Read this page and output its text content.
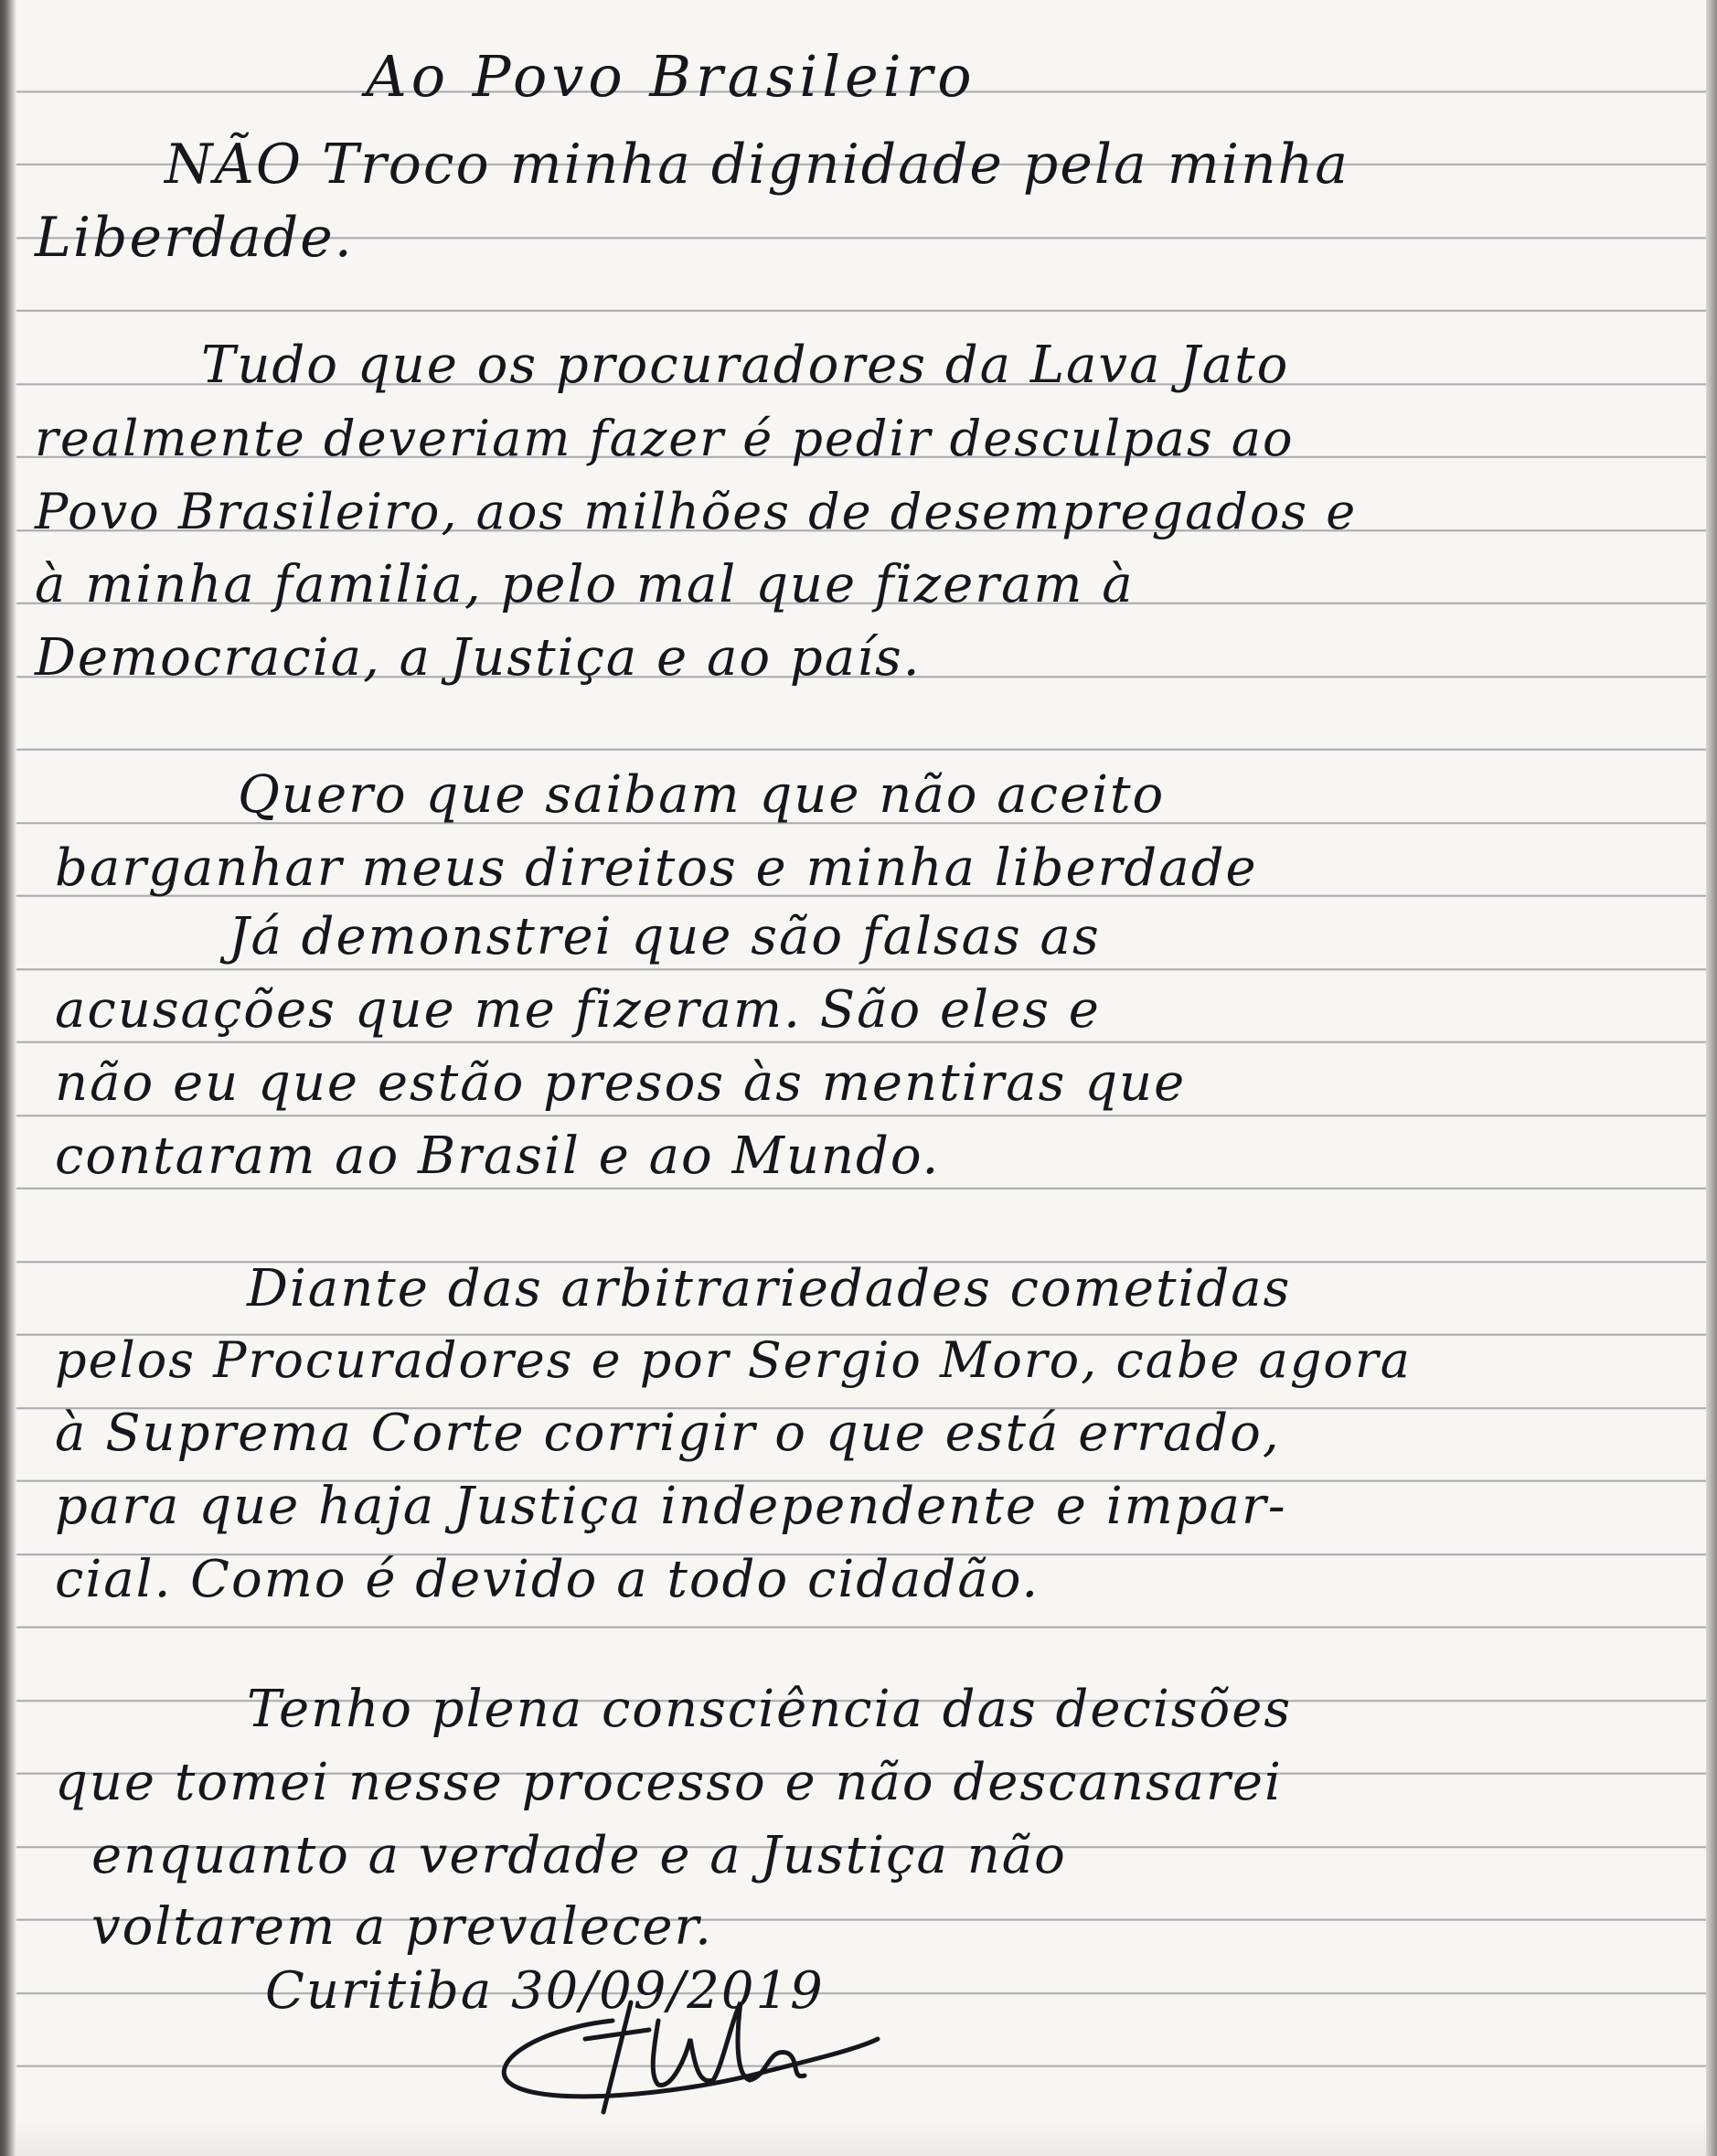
Ao Povo Brasileiro
NÃO Troco minha dignidade pela minha
Liberdade.
Tudo que os procuradores da Lava Jato
realmente deveriam fazer é pedir desculpas ao
Povo Brasileiro, aos milhões de desempregados e
à minha familia, pelo mal que fizeram à
Democracia, a Justiça e ao país.
Quero que saibam que não aceito
barganhar meus direitos e minha liberdade
Já demonstrei que são falsas as
acusações que me fizeram. São eles e
não eu que estão presos às mentiras que
contaram ao Brasil e ao Mundo.
Diante das arbitrariedades cometidas
pelos Procuradores e por Sergio Moro, cabe agora
à Suprema Corte corrigir o que está errado,
para que haja Justiça independente e impar-
cial. Como é devido a todo cidadão.
Tenho plena consciência das decisões
que tomei nesse processo e não descansarei
enquanto a verdade e a Justiça não
voltarem a prevalecer.
Curitiba 30/09/2019
